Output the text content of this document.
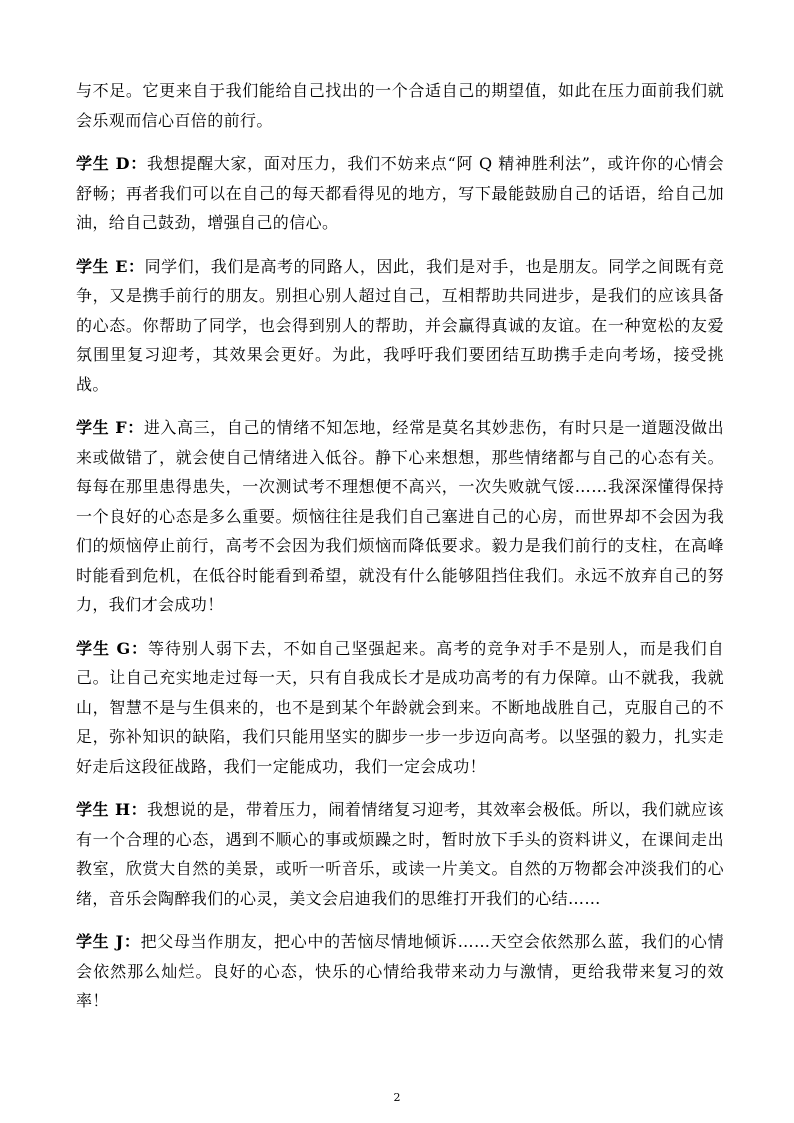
与不足。它更来自于我们能给自己找出的一个合适自己的期望值，如此在压力面前我们就会乐观而信心百倍的前行。

学生 D：我想提醒大家，面对压力，我们不妨来点“阿 Q 精神胜利法”，或许你的心情会舒畅；再者我们可以在自己的每天都看得见的地方，写下最能鼓励自己的话语，给自己加油，给自己鼓劲，增强自己的信心。

学生 E：同学们，我们是高考的同路人，因此，我们是对手，也是朋友。同学之间既有竞争，又是携手前行的朋友。别担心别人超过自己，互相帮助共同进步，是我们的应该具备的心态。你帮助了同学，也会得到别人的帮助，并会赢得真诚的友谊。在一种宽松的友爱氛围里复习迎考，其效果会更好。为此，我呼吁我们要团结互助携手走向考场，接受挑战。

学生 F：进入高三，自己的情绪不知怎地，经常是莫名其妙悲伤，有时只是一道题没做出来或做错了，就会使自己情绪进入低谷。静下心来想想，那些情绪都与自己的心态有关。每每在那里患得患失，一次测试考不理想便不高兴，一次失败就气馁……我深深懂得保持一个良好的心态是多么重要。烦恼往往是我们自己塞进自己的心房，而世界却不会因为我们的烦恼停止前行，高考不会因为我们烦恼而降低要求。毅力是我们前行的支柱，在高峰时能看到危机，在低谷时能看到希望，就没有什么能够阻挡住我们。永远不放弃自己的努力，我们才会成功！

学生 G：等待别人弱下去，不如自己坚强起来。高考的竞争对手不是别人，而是我们自己。让自己充实地走过每一天，只有自我成长才是成功高考的有力保障。山不就我，我就山，智慧不是与生俱来的，也不是到某个年龄就会到来。不断地战胜自己，克服自己的不足，弥补知识的缺陷，我们只能用坚实的脚步一步一步迈向高考。以坚强的毅力，扎实走好走后这段征战路，我们一定能成功，我们一定会成功！

学生 H：我想说的是，带着压力，闹着情绪复习迎考，其效率会极低。所以，我们就应该有一个合理的心态，遇到不顺心的事或烦躁之时，暂时放下手头的资料讲义，在课间走出教室，欣赏大自然的美景，或听一听音乐，或读一片美文。自然的万物都会冲淡我们的心绪，音乐会陶醉我们的心灵，美文会启迪我们的思维打开我们的心结……

学生 J：把父母当作朋友，把心中的苦恼尽情地倾诉……天空会依然那么蓝，我们的心情会依然那么灿烂。良好的心态，快乐的心情给我带来动力与激情，更给我带来复习的效率！

2
